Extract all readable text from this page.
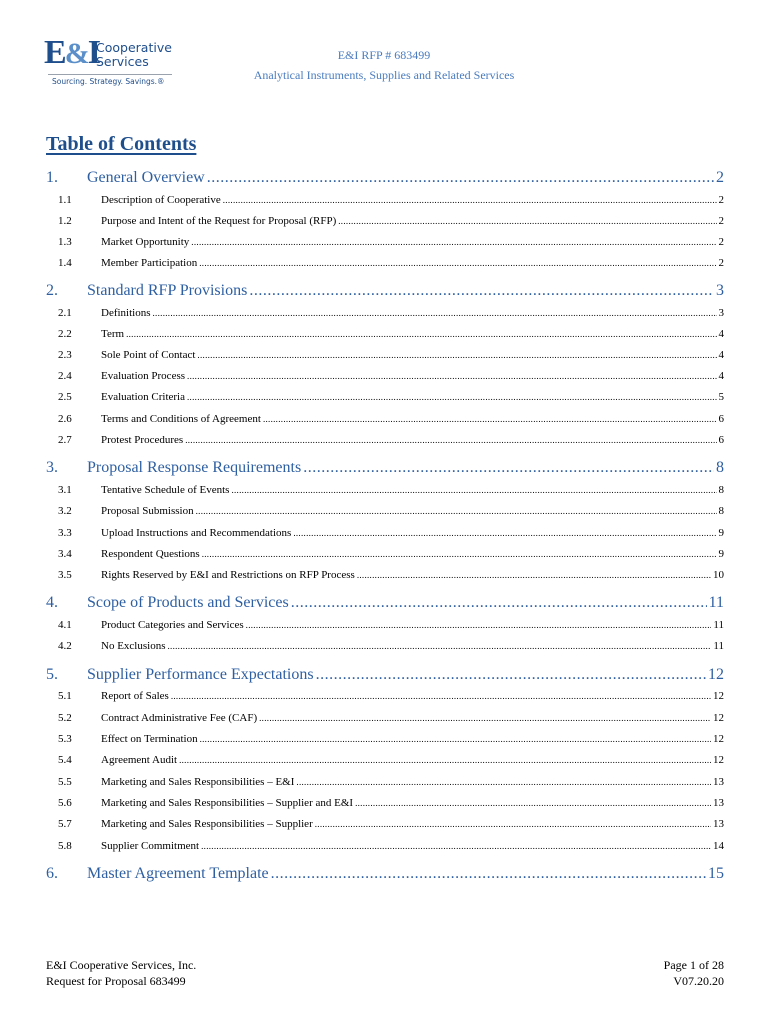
E&I
Cooperative
Services
Sourcing. Strategy. Savings.®
E&I RFP # 683499
Analytical Instruments, Supplies and Related Services
Table of Contents
1.	General Overview .....	2
1.1	Description of Cooperative .....	2
1.2	Purpose and Intent of the Request for Proposal (RFP) .....	2
1.3	Market Opportunity .....	2
1.4	Member Participation .....	2
2.	Standard RFP Provisions .....	3
2.1	Definitions .....	3
2.2	Term .....	4
2.3	Sole Point of Contact .....	4
2.4	Evaluation Process .....	4
2.5	Evaluation Criteria .....	5
2.6	Terms and Conditions of Agreement .....	6
2.7	Protest Procedures .....	6
3.	Proposal Response Requirements .....	8
3.1	Tentative Schedule of Events .....	8
3.2	Proposal Submission .....	8
3.3	Upload Instructions and Recommendations .....	9
3.4	Respondent Questions .....	9
3.5	Rights Reserved by E&I and Restrictions on RFP Process .....	10
4.	Scope of Products and Services .....	11
4.1	Product Categories and Services .....	11
4.2	No Exclusions .....	11
5.	Supplier Performance Expectations .....	12
5.1	Report of Sales .....	12
5.2	Contract Administrative Fee (CAF) .....	12
5.3	Effect on Termination .....	12
5.4	Agreement Audit .....	12
5.5	Marketing and Sales Responsibilities – E&I .....	13
5.6	Marketing and Sales Responsibilities – Supplier and E&I .....	13
5.7	Marketing and Sales Responsibilities – Supplier .....	13
5.8	Supplier Commitment .....	14
6.	Master Agreement Template .....	15
E&I Cooperative Services, Inc.
Request for Proposal 683499
Page 1 of 28
V07.20.20
